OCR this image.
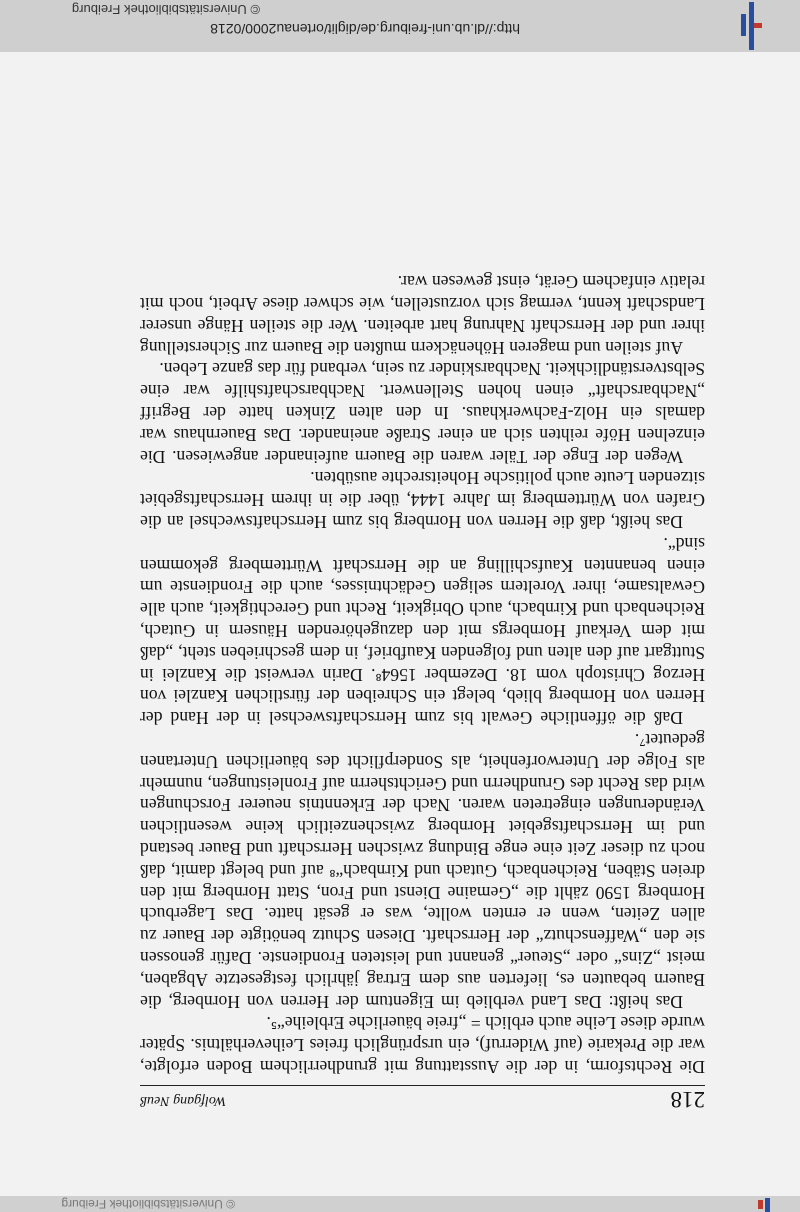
© Universitätsbibliothek Freiburg
218
Wolfgang Neuß

Die Rechtsform, in der die Ausstattung mit grundherrlichem Boden erfolgte, war die Prekarie (auf Widerruf), ein ursprünglich freies Leiheverhältnis. Später wurde diese Leihe auch erblich = „freie bäuerliche Erbleihe“⁵.

Das heißt: Das Land verblieb im Eigentum der Herren von Hornberg, die Bauern bebauten es, lieferten aus dem Ertrag jährlich festgesetzte Abgaben, meist „Zins“ oder „Steuer“ genannt und leisteten Frondienste. Dafür genossen sie den „Waffenschutz“ der Herrschaft. Diesen Schutz benötigte der Bauer zu allen Zeiten, wenn er ernten wollte, was er gesät hatte. Das Lagerbuch Hornberg 1590 zählt die „Gemaine Dienst und Fron, Statt Hornberg mit den dreien Stäben, Reichenbach, Gutach und Kirnbach“⁸ auf und belegt damit, daß noch zu dieser Zeit eine enge Bindung zwischen Herrschaft und Bauer bestand und im Herrschaftsgebiet Hornberg zwischenzeitlich keine wesentlichen Veränderungen eingetreten waren. Nach der Erkenntnis neuerer Forschungen wird das Recht des Grundherrn und Gerichtsherrn auf Fronleistungen, nunmehr als Folge der Unterworfenheit, als Sonderpflicht des bäuerlichen Untertanen gedeutet⁷.

Daß die öffentliche Gewalt bis zum Herrschaftswechsel in der Hand der Herren von Hornberg blieb, belegt ein Schreiben der fürstlichen Kanzlei von Herzog Christoph vom 18. Dezember 1564⁸. Darin verweist die Kanzlei in Stuttgart auf den alten und folgenden Kaufbrief, in dem geschrieben steht, „daß mit dem Verkauf Hornbergs mit den dazugehörenden Häusern in Gutach, Reichenbach und Kirnbach, auch Obrigkeit, Recht und Gerechtigkeit, auch alle Gewaltsame, ihrer Voreltern seligen Gedächtnisses, auch die Frondienste um einen benannten Kaufschilling an die Herrschaft Württemberg gekommen sind“.

Das heißt, daß die Herren von Hornberg bis zum Herrschaftswechsel an die Grafen von Württemberg im Jahre 1444, über die in ihrem Herrschaftsgebiet sitzenden Leute auch politische Hoheitsrechte ausübten.

Wegen der Enge der Täler waren die Bauern aufeinander angewiesen. Die einzelnen Höfe reihten sich an einer Straße aneinander. Das Bauernhaus war damals ein Holz-Fachwerkhaus. In den alten Zinken hatte der Begriff „Nachbarschaft“ einen hohen Stellenwert. Nachbarschaftshilfe war eine Selbstverständlichkeit. Nachbarskinder zu sein, verband für das ganze Leben.

Auf steilen und mageren Höhenäckern mußten die Bauern zur Sicherstellung ihrer und der Herrschaft Nahrung hart arbeiten. Wer die steilen Hänge unserer Landschaft kennt, vermag sich vorzustellen, wie schwer diese Arbeit, noch mit relativ einfachem Gerät, einst gewesen war.

http://dl.ub.uni-freiburg.de/diglit/ortenau2000/0218
© Universitätsbibliothek Freiburg
